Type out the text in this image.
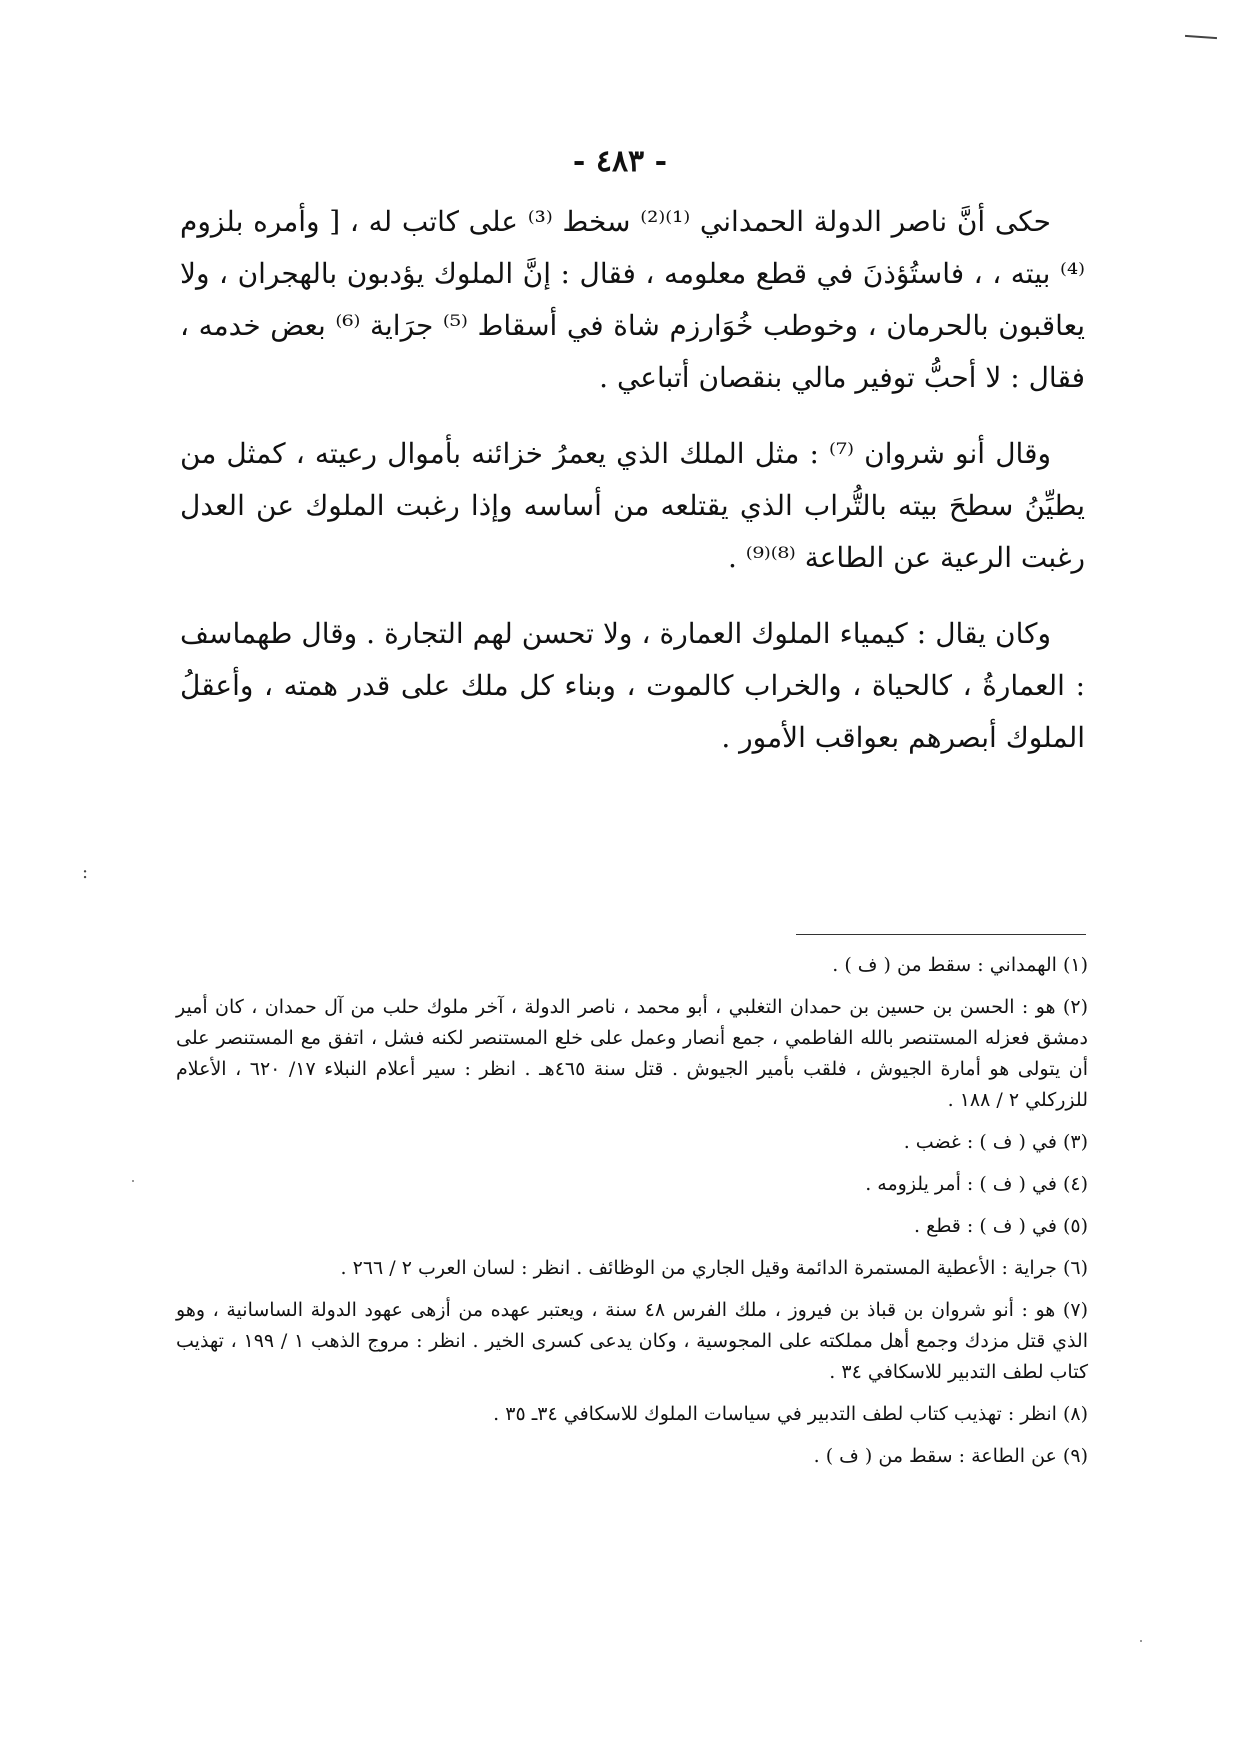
:
- ٤٨٣ -

حكى أنَّ ناصر الدولة الحمداني ⁽¹⁾⁽²⁾ سخط ⁽³⁾ على كاتب له ، [ وأمره بلزوم ⁽⁴⁾ بيته ، ، فاستُؤذنَ في قطع معلومه ، فقال : إنَّ الملوك يؤدبون بالهجران ، ولا يعاقبون بالحرمان ، وخوطب خُوَارزم شاة في أسقاط ⁽⁵⁾ جرَاية ⁽⁶⁾ بعض خدمه ، فقال : لا أحبُّ توفير مالي بنقصان أتباعي .

وقال أنو شروان ⁽⁷⁾ : مثل الملك الذي يعمرُ خزائنه بأموال رعيته ، كمثل من يطيِّنُ سطحَ بيته بالتُّراب الذي يقتلعه من أساسه وإذا رغبت الملوك عن العدل رغبت الرعية عن الطاعة ⁽⁸⁾⁽⁹⁾ .

وكان يقال : كيمياء الملوك العمارة ، ولا تحسن لهم التجارة . وقال طهماسف : العمارةُ ، كالحياة ، والخراب كالموت ، وبناء كل ملك على قدر همته ، وأعقلُ الملوك أبصرهم بعواقب الأمور .

(١) الهمداني : سقط من ( ف ) .
(٢) هو : الحسن بن حسين بن حمدان التغلبي ، أبو محمد ، ناصر الدولة ، آخر ملوك حلب من آل حمدان ، كان أمير دمشق فعزله المستنصر بالله الفاطمي ، جمع أنصار وعمل على خلع المستنصر لكنه فشل ، اتفق مع المستنصر على أن يتولى هو أمارة الجيوش ، فلقب بأمير الجيوش . قتل سنة ٤٦٥هـ . انظر : سير أعلام النبلاء ١٧/ ٦٢٠ ، الأعلام للزركلي ٢ / ١٨٨ .
(٣) في ( ف ) : غضب .
(٤) في ( ف ) : أمر يلزومه .
(٥) في ( ف ) : قطع .
(٦) جراية : الأعطية المستمرة الدائمة وقيل الجاري من الوظائف . انظر : لسان العرب ٢ / ٢٦٦ .
(٧) هو : أنو شروان بن قباذ بن فيروز ، ملك الفرس ٤٨ سنة ، ويعتبر عهده من أزهى عهود الدولة الساسانية ، وهو الذي قتل مزدك وجمع أهل مملكته على المجوسية ، وكان يدعى كسرى الخير . انظر : مروج الذهب ١ / ١٩٩ ، تهذيب كتاب لطف التدبير للاسكافي ٣٤ .
(٨) انظر : تهذيب كتاب لطف التدبير في سياسات الملوك للاسكافي ٣٤ـ ٣٥ .
(٩) عن الطاعة : سقط من ( ف ) .
